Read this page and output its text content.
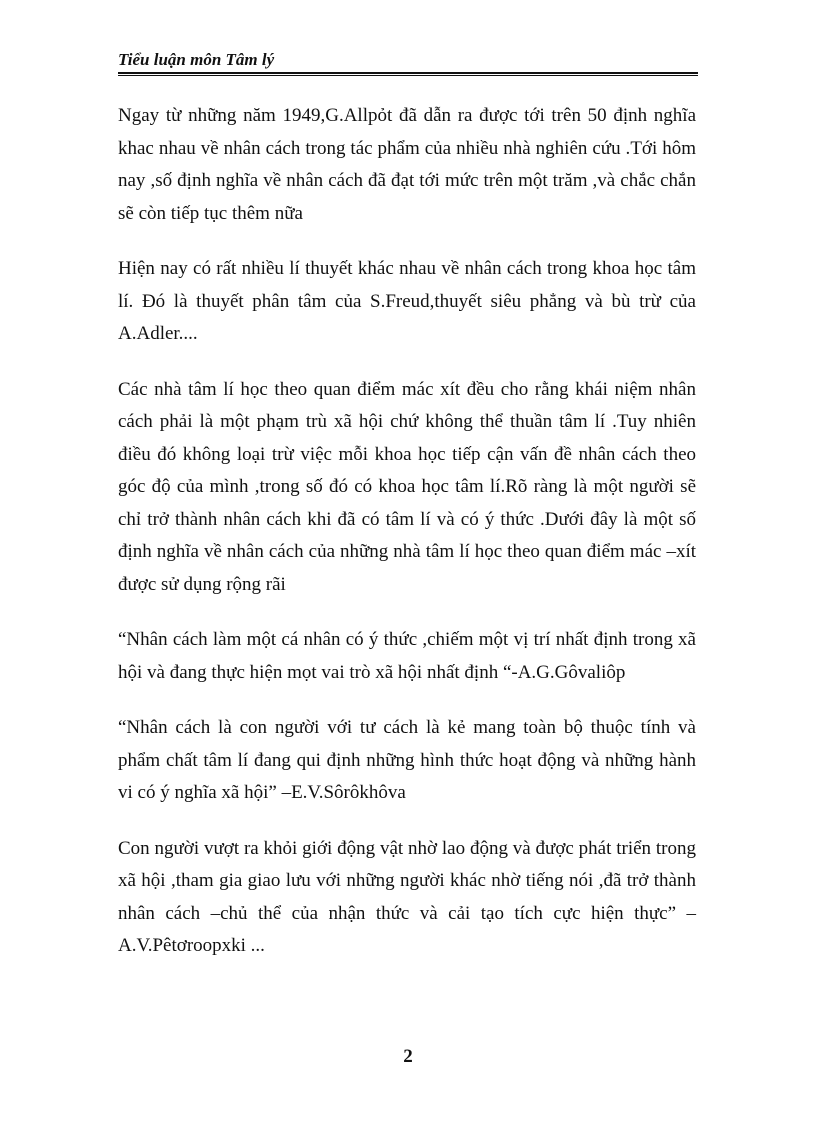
Tiểu luận môn Tâm lý

Ngay từ những năm 1949,G.Allpỏt đã dẫn ra được tới trên 50 định nghĩa khac nhau về nhân cách trong tác phẩm của nhiều nhà nghiên cứu .Tới hôm nay ,số định nghĩa về nhân cách đã đạt tới mức trên một trăm ,và chắc chắn sẽ còn tiếp tục thêm nữa

Hiện nay có rất nhiều lí thuyết khác nhau về nhân cách trong khoa học tâm lí. Đó là thuyết phân tâm của S.Freud,thuyết siêu phẳng và bù trừ của A.Adler....

Các nhà tâm lí học theo quan điểm mác xít đều cho rằng khái niệm nhân cách phải là một phạm trù xã hội chứ không thể thuần tâm lí .Tuy nhiên điều đó không loại trừ việc mỗi khoa học tiếp cận vấn đề nhân cách theo góc độ của mình ,trong số đó có khoa học tâm lí.Rõ ràng là một người sẽ chỉ trở thành nhân cách khi đã có tâm lí và có ý thức .Dưới đây là một số định nghĩa về nhân cách của những nhà tâm lí học theo quan điểm mác –xít được sử dụng rộng rãi

“Nhân cách làm một cá nhân có ý thức ,chiếm một vị trí nhất định trong xã hội và đang thực hiện mọt vai trò xã hội nhất định “-A.G.Gôvaliôp

“Nhân cách là con người với tư cách là kẻ mang toàn bộ thuộc tính và phẩm chất tâm lí đang qui định những hình thức hoạt động và những hành vi có ý nghĩa xã hội” –E.V.Sôrôkhôva

Con người vượt ra khỏi giới động vật nhờ lao động và được phát triển trong xã hội ,tham gia giao lưu với những người khác nhờ tiếng nói ,đã trở thành nhân cách –chủ thể của nhận thức và cải tạo tích cực hiện thực” –A.V.Pêtơroopxki ...

2
